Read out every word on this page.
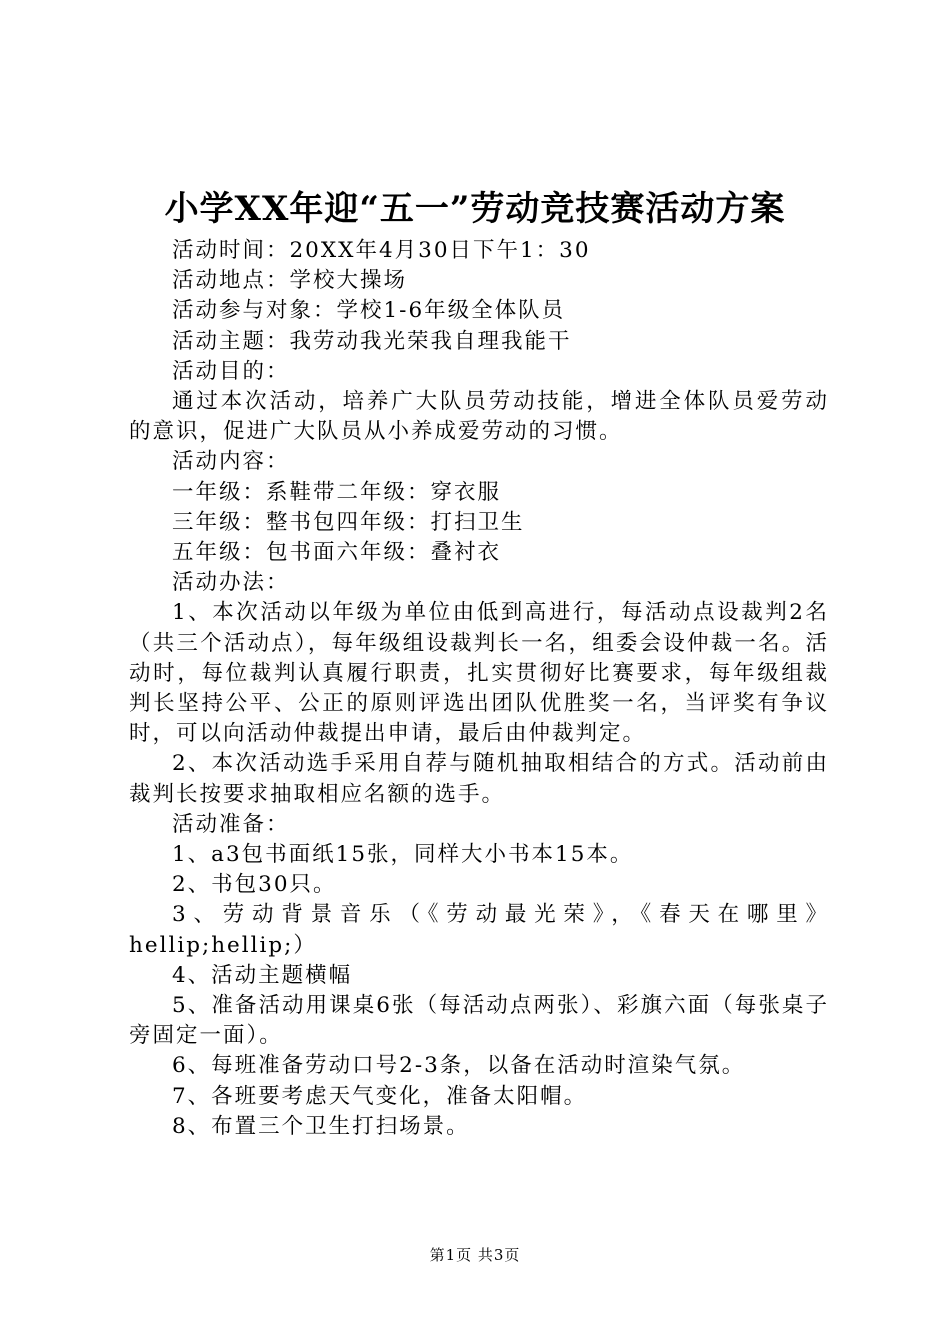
小学XX年迎“五一”劳动竞技赛活动方案

活动时间：20XX年4月30日下午1：30

活动地点：学校大操场

活动参与对象：学校1-6年级全体队员

活动主题：我劳动我光荣我自理我能干

活动目的：

通过本次活动，培养广大队员劳动技能，增进全体队员爱劳动的意识，促进广大队员从小养成爱劳动的习惯。

活动内容：

一年级：系鞋带二年级：穿衣服

三年级：整书包四年级：打扫卫生

五年级：包书面六年级：叠衬衣

活动办法：

1、本次活动以年级为单位由低到高进行，每活动点设裁判2名（共三个活动点），每年级组设裁判长一名，组委会设仲裁一名。活动时，每位裁判认真履行职责，扎实贯彻好比赛要求，每年级组裁判长坚持公平、公正的原则评选出团队优胜奖一名，当评奖有争议时，可以向活动仲裁提出申请，最后由仲裁判定。

2、本次活动选手采用自荐与随机抽取相结合的方式。活动前由裁判长按要求抽取相应名额的选手。

活动准备：

1、a3包书面纸15张，同样大小书本15本。

2、书包30只。

3、劳动背景音乐（《劳动最光荣》，《春天在哪里》hellip;hellip;）

4、活动主题横幅

5、准备活动用课桌6张（每活动点两张）、彩旗六面（每张桌子旁固定一面）。

6、每班准备劳动口号2-3条，以备在活动时渲染气氛。

7、各班要考虑天气变化，准备太阳帽。

8、布置三个卫生打扫场景。

第1页 共3页
